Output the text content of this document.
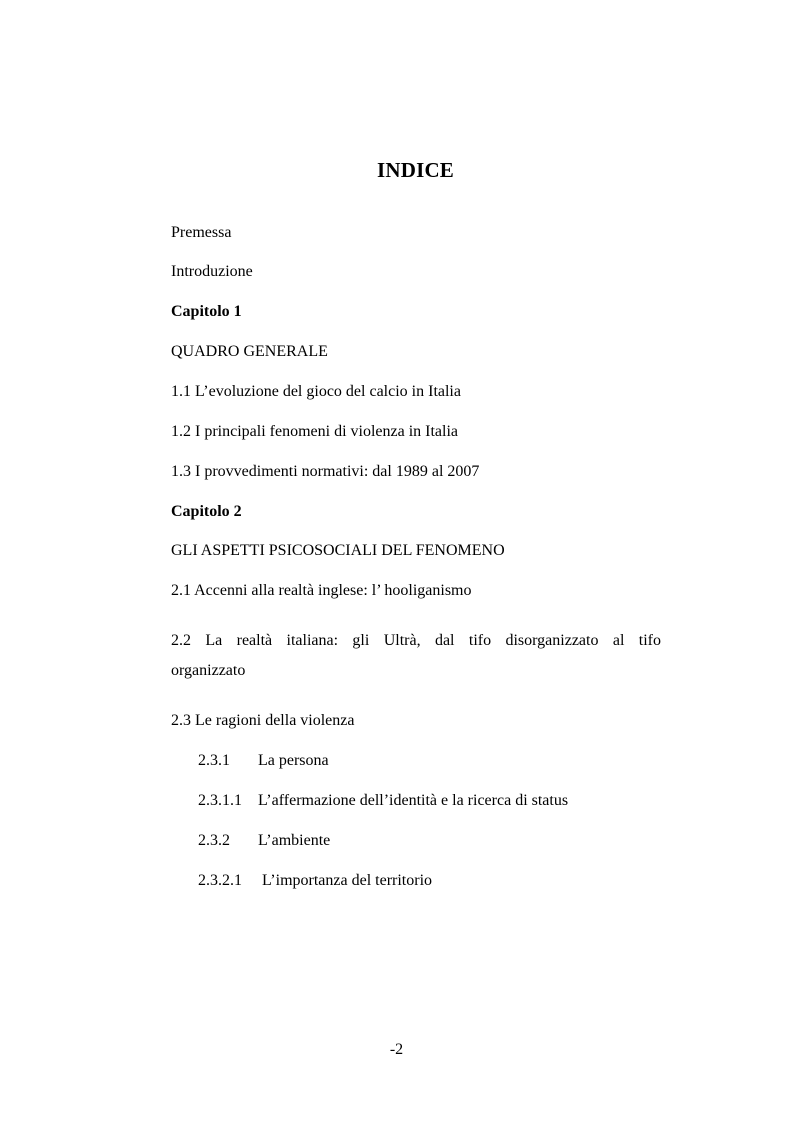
INDICE
Premessa
Introduzione
Capitolo 1
QUADRO GENERALE
1.1 L’evoluzione del gioco del calcio in Italia
1.2 I principali fenomeni di violenza in Italia
1.3 I provvedimenti normativi: dal 1989 al 2007
Capitolo 2
GLI ASPETTI PSICOSOCIALI DEL FENOMENO
2.1 Accenni alla realtà inglese: l’ hooliganismo
2.2 La realtà italiana: gli Ultrà, dal tifo disorganizzato al tifo
organizzato
2.3 Le ragioni della violenza
2.3.1 La persona
2.3.1.1 L’affermazione dell’identità e la ricerca di status
2.3.2 L’ambiente
2.3.2.1 L’importanza del territorio
-2
